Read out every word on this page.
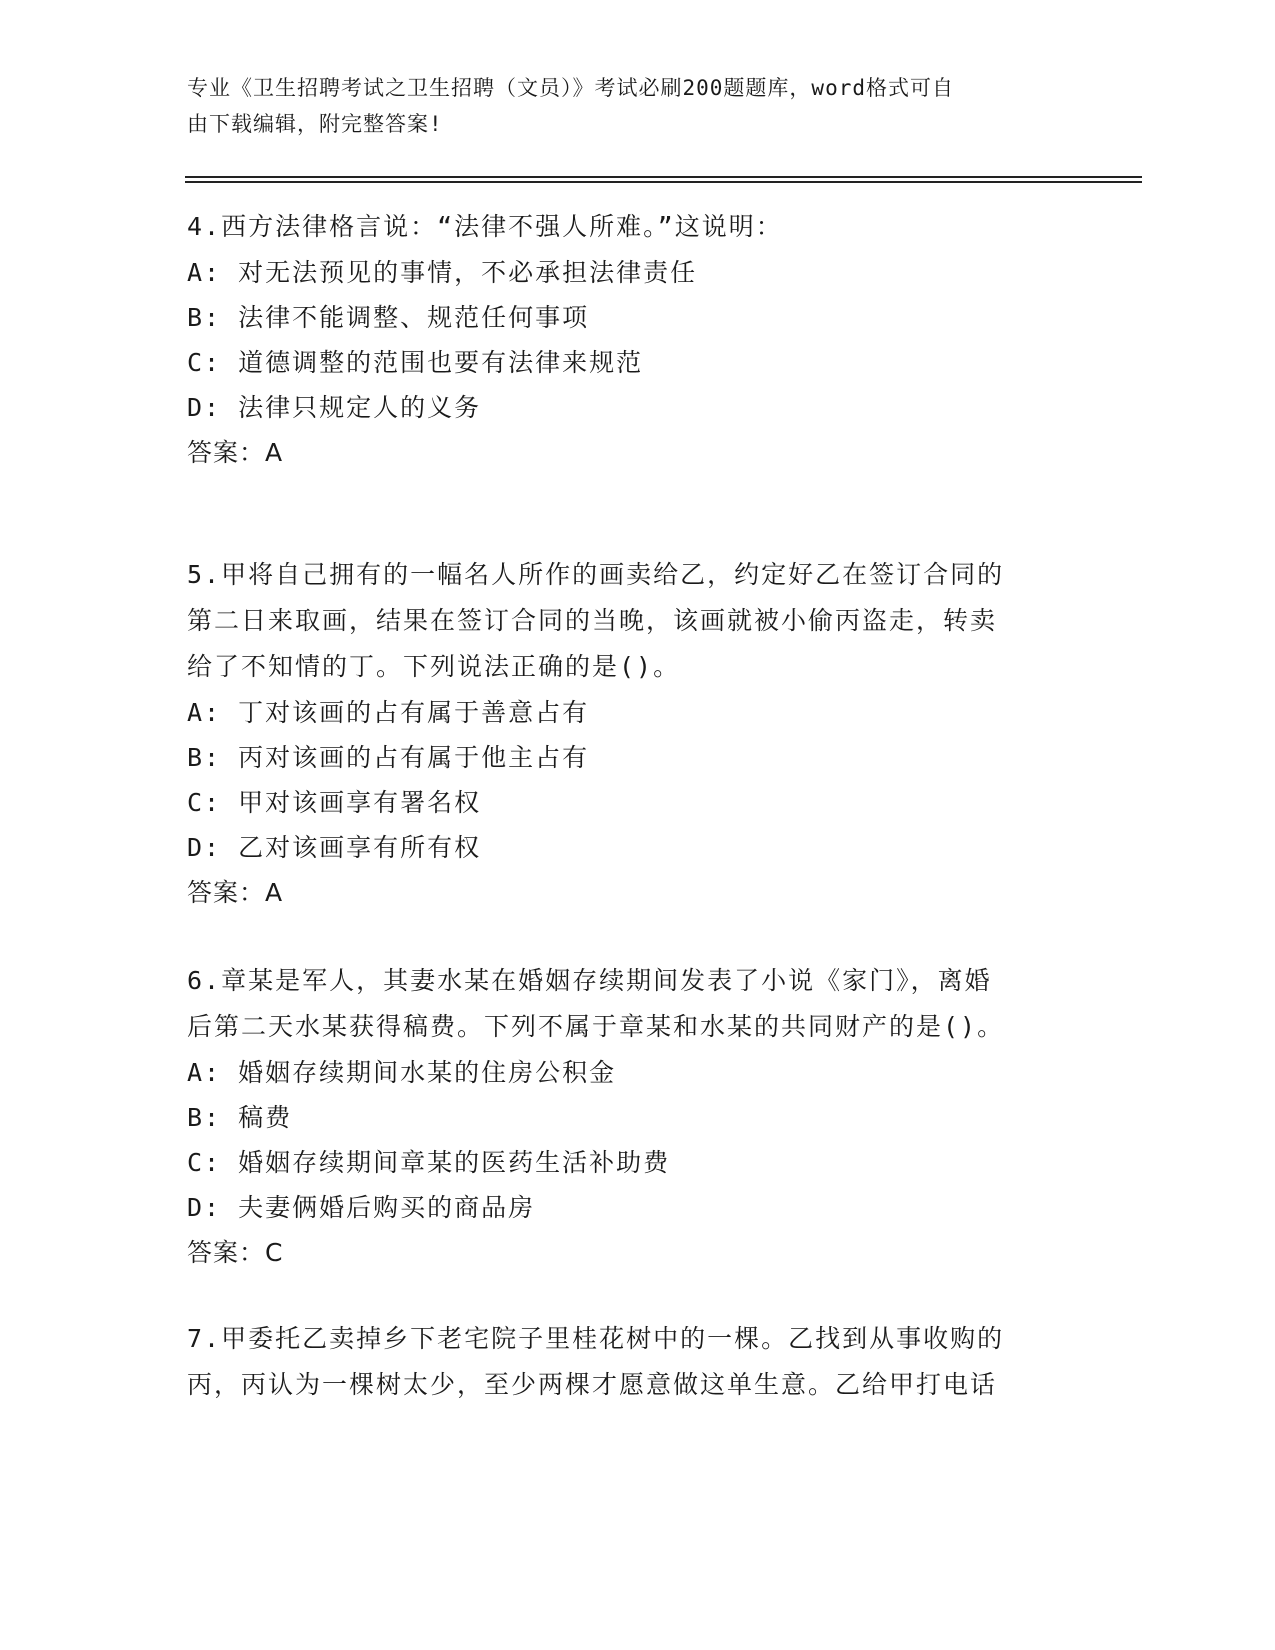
专业《卫生招聘考试之卫生招聘（文员）》考试必刷200题题库，word格式可自
由下载编辑，附完整答案!
4.西方法律格言说：“法律不强人所难。”这说明：
A: 对无法预见的事情，不必承担法律责任
B: 法律不能调整、规范任何事项
C: 道德调整的范围也要有法律来规范
D: 法律只规定人的义务
答案：A
5.甲将自己拥有的一幅名人所作的画卖给乙，约定好乙在签订合同的
第二日来取画，结果在签订合同的当晚，该画就被小偷丙盗走，转卖
给了不知情的丁。下列说法正确的是()。
A: 丁对该画的占有属于善意占有
B: 丙对该画的占有属于他主占有
C: 甲对该画享有署名权
D: 乙对该画享有所有权
答案：A
6.章某是军人，其妻水某在婚姻存续期间发表了小说《家门》，离婚
后第二天水某获得稿费。下列不属于章某和水某的共同财产的是()。
A: 婚姻存续期间水某的住房公积金
B: 稿费
C: 婚姻存续期间章某的医药生活补助费
D: 夫妻俩婚后购买的商品房
答案：C
7.甲委托乙卖掉乡下老宅院子里桂花树中的一棵。乙找到从事收购的
丙，丙认为一棵树太少，至少两棵才愿意做这单生意。乙给甲打电话
